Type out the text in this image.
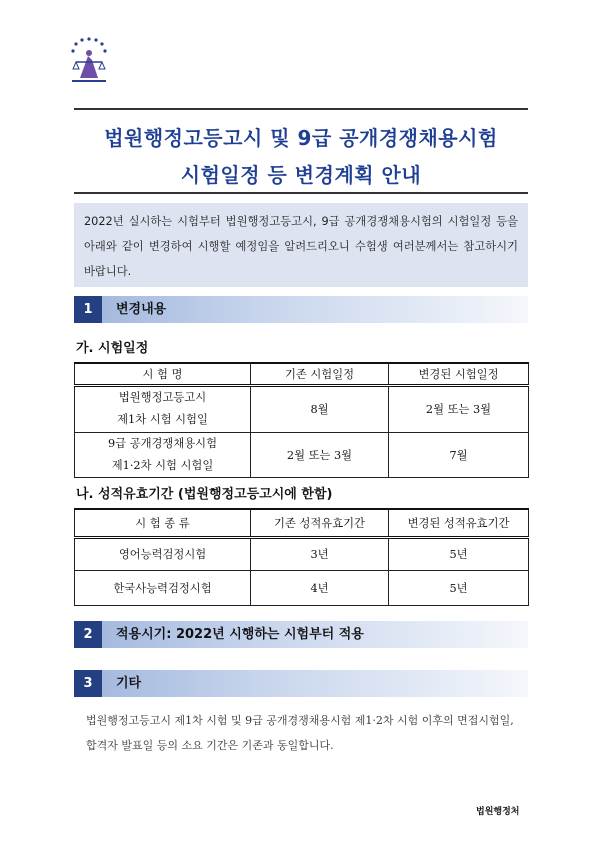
법원행정고등고시 및 9급 공개경쟁채용시험
시험일정 등 변경계획 안내
2022년 실시하는 시험부터 법원행정고등고시, 9급 공개경쟁채용시험의 시험일정 등을 아래와 같이 변경하여 시행할 예정임을 알려드리오니 수험생 여러분께서는 참고하시기 바랍니다.
1	변경내용
가. 시험일정
시 험 명	기존 시험일정	변경된 시험일정

법원행정고등고시
제1차 시험 시험일	8월	2월 또는 3월

9급 공개경쟁채용시험
제1·2차 시험 시험일	2월 또는 3월	7월
나. 성적유효기간 (법원행정고등고시에 한함)
시 험 종 류	기존 성적유효기간	변경된 성적유효기간
영어능력검정시험	3년	5년
한국사능력검정시험	4년	5년
2	적용시기: 2022년 시행하는 시험부터 적용
3	기타
법원행정고등고시 제1차 시험 및 9급 공개경쟁채용시험 제1·2차 시험 이후의 면접시험일, 합격자 발표일 등의 소요 기간은 기존과 동일합니다.
법원행정처
